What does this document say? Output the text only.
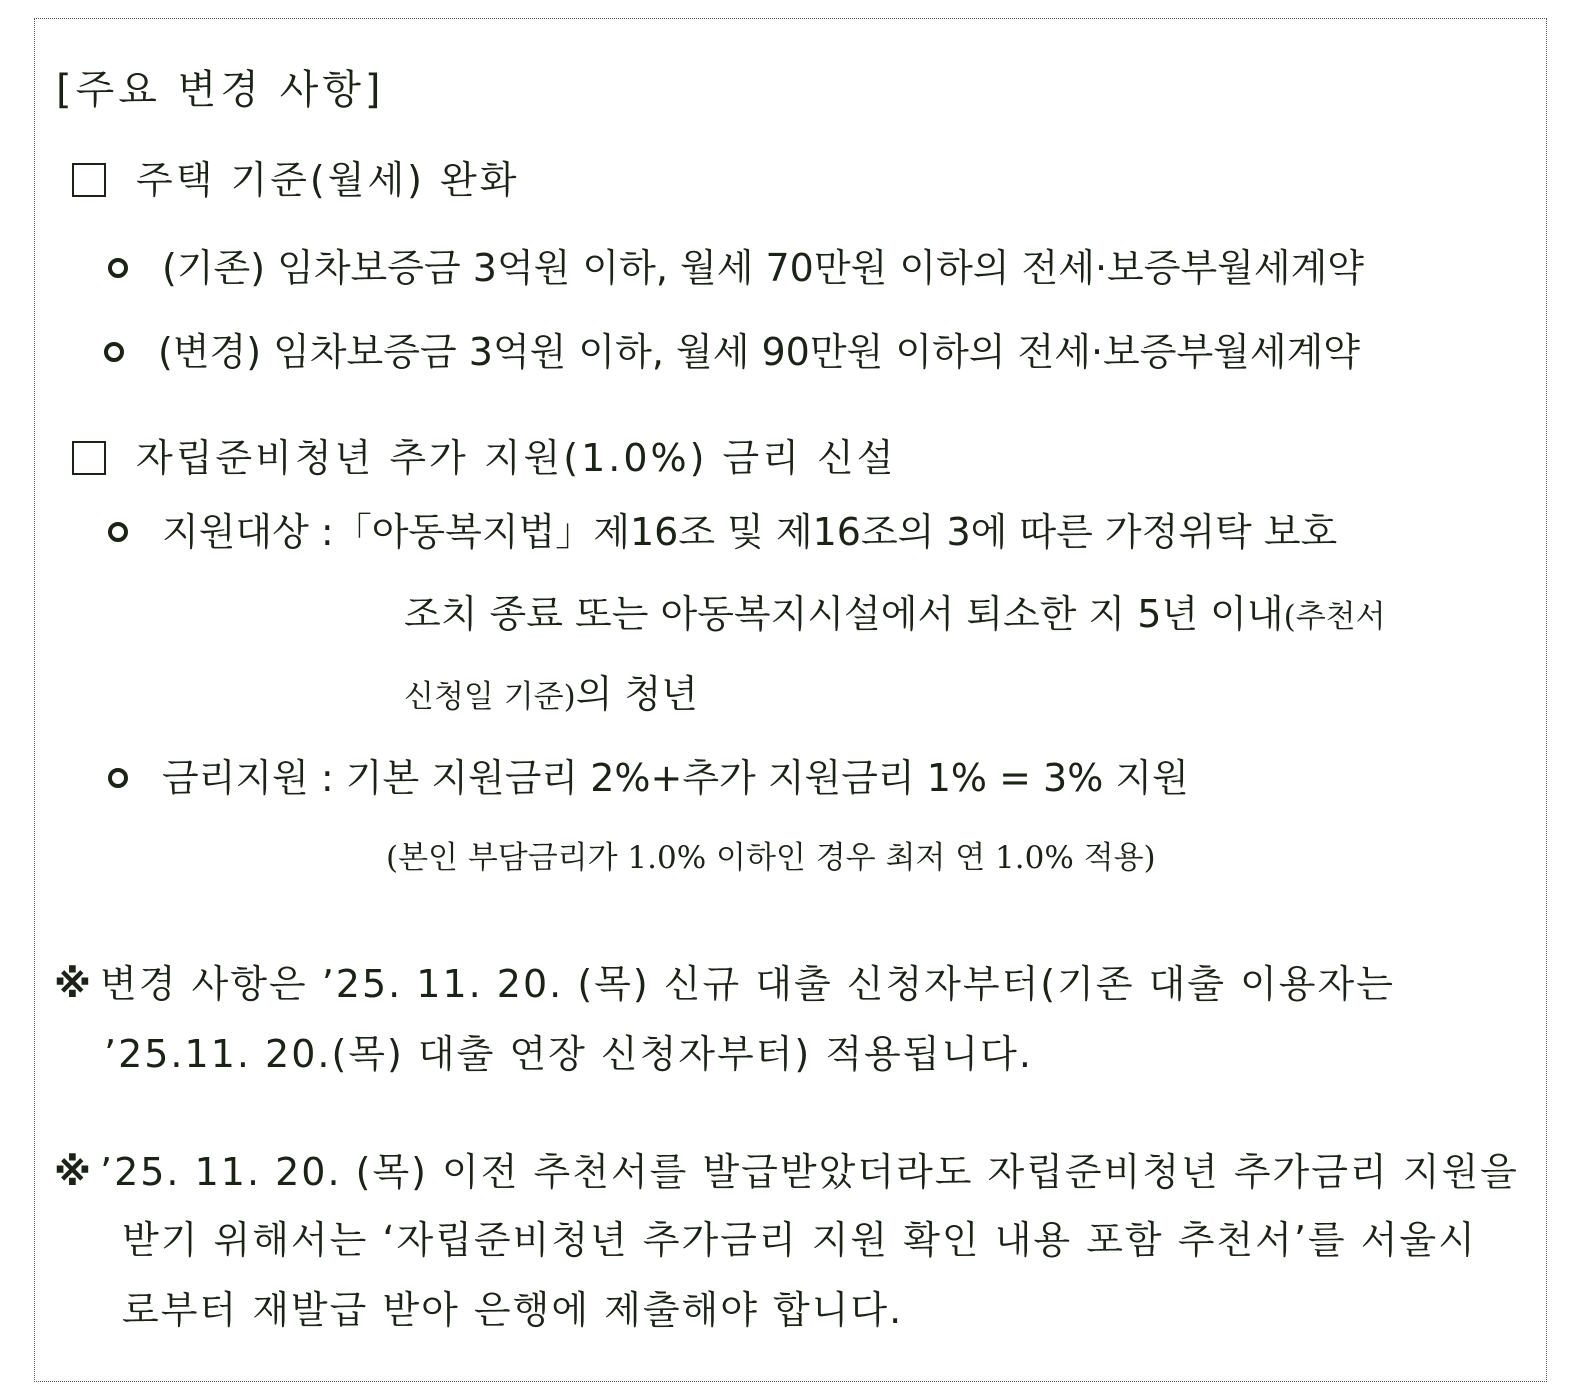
[주요 변경 사항]
주택 기준(월세) 완화
(기존) 임차보증금 3억원 이하, 월세 70만원 이하의 전세·보증부월세계약
(변경) 임차보증금 3억원 이하, 월세 90만원 이하의 전세·보증부월세계약
자립준비청년 추가 지원(1.0%) 금리 신설
지원대상 :「아동복지법」제16조 및 제16조의 3에 따른 가정위탁 보호
조치 종료 또는 아동복지시설에서 퇴소한 지 5년 이내(추천서
신청일 기준)의 청년
금리지원 : 기본 지원금리 2%+추가 지원금리 1% = 3% 지원
(본인 부담금리가 1.0% 이하인 경우 최저 연 1.0% 적용)
※ 변경 사항은 ’25. 11. 20. (목) 신규 대출 신청자부터(기존 대출 이용자는
’25.11. 20.(목) 대출 연장 신청자부터) 적용됩니다.
※ ’25. 11. 20. (목) 이전 추천서를 발급받았더라도 자립준비청년 추가금리 지원을
받기 위해서는 ‘자립준비청년 추가금리 지원 확인 내용 포함 추천서’를 서울시
로부터 재발급 받아 은행에 제출해야 합니다.
